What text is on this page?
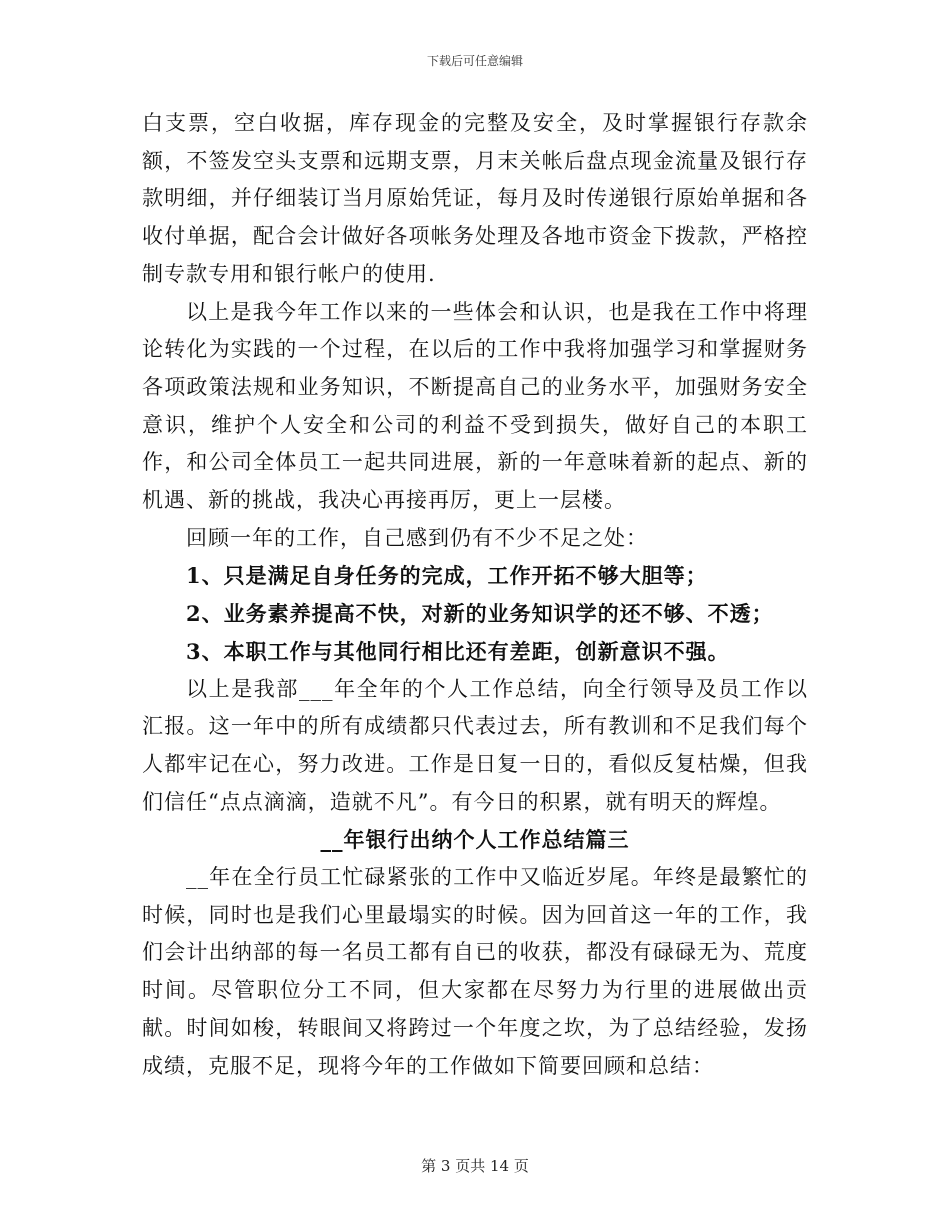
下载后可任意编辑

白支票，空白收据，库存现金的完整及安全，及时掌握银行存款余额，不签发空头支票和远期支票，月末关帐后盘点现金流量及银行存款明细，并仔细装订当月原始凭证，每月及时传递银行原始单据和各收付单据，配合会计做好各项帐务处理及各地市资金下拨款，严格控制专款专用和银行帐户的使用.

以上是我今年工作以来的一些体会和认识，也是我在工作中将理论转化为实践的一个过程，在以后的工作中我将加强学习和掌握财务各项政策法规和业务知识，不断提高自己的业务水平，加强财务安全意识，维护个人安全和公司的利益不受到损失，做好自己的本职工作，和公司全体员工一起共同进展，新的一年意味着新的起点、新的机遇、新的挑战，我决心再接再厉，更上一层楼。

回顾一年的工作，自己感到仍有不少不足之处：

1、只是满足自身任务的完成，工作开拓不够大胆等；

2、业务素养提高不快，对新的业务知识学的还不够、不透；

3、本职工作与其他同行相比还有差距，创新意识不强。

以上是我部___年全年的个人工作总结，向全行领导及员工作以汇报。这一年中的所有成绩都只代表过去，所有教训和不足我们每个人都牢记在心，努力改进。工作是日复一日的，看似反复枯燥，但我们信任“点点滴滴，造就不凡”。有今日的积累，就有明天的辉煌。

__年银行出纳个人工作总结篇三

__年在全行员工忙碌紧张的工作中又临近岁尾。年终是最繁忙的时候，同时也是我们心里最塌实的时候。因为回首这一年的工作，我们会计出纳部的每一名员工都有自已的收获，都没有碌碌无为、荒度时间。尽管职位分工不同，但大家都在尽努力为行里的进展做出贡献。时间如梭，转眼间又将跨过一个年度之坎，为了总结经验，发扬成绩，克服不足，现将今年的工作做如下简要回顾和总结：

第 3 页共 14 页
